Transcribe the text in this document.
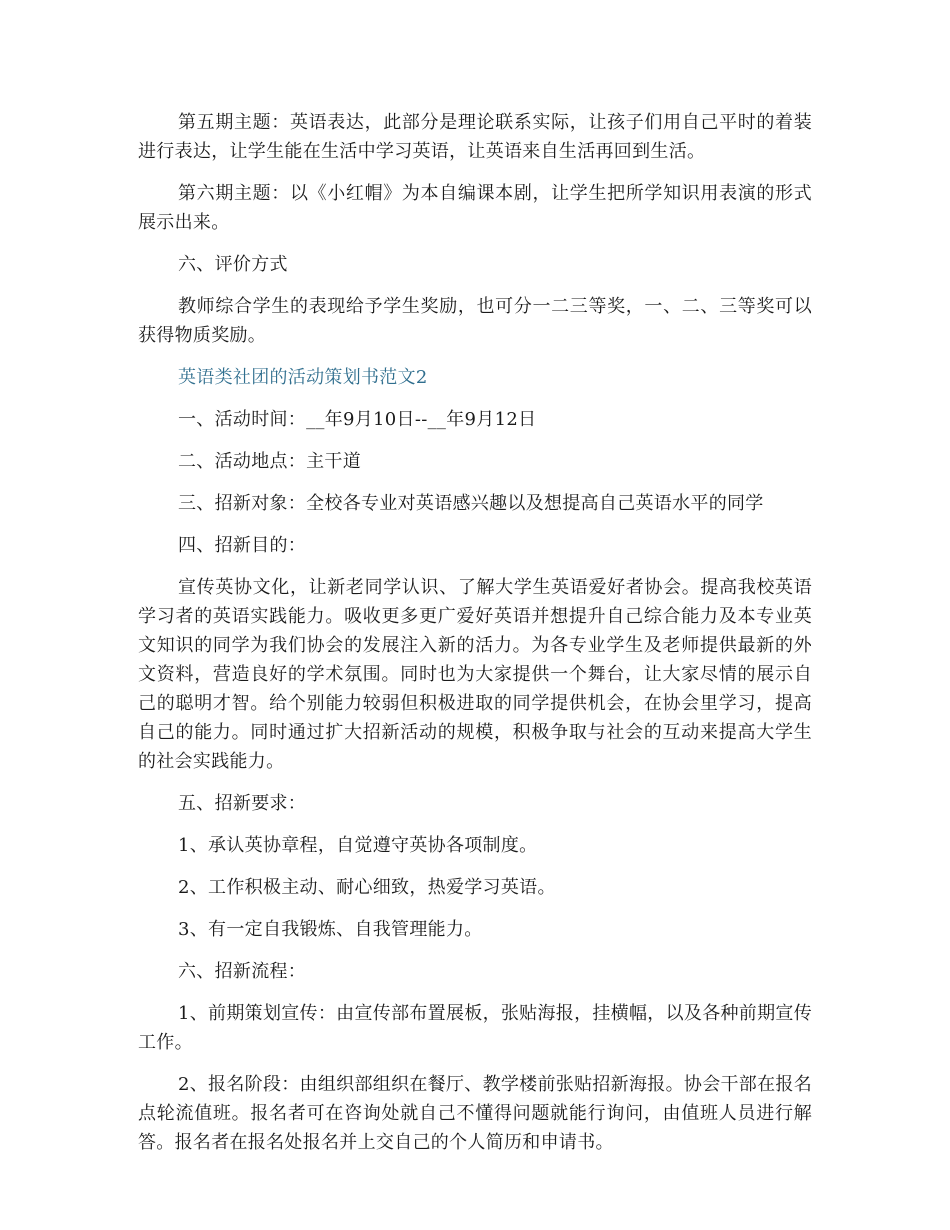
第五期主题：英语表达，此部分是理论联系实际，让孩子们用自己平时的着装进行表达，让学生能在生活中学习英语，让英语来自生活再回到生活。

第六期主题：以《小红帽》为本自编课本剧，让学生把所学知识用表演的形式展示出来。

六、评价方式

教师综合学生的表现给予学生奖励，也可分一二三等奖，一、二、三等奖可以获得物质奖励。

英语类社团的活动策划书范文2

一、活动时间：__年9月10日--__年9月12日

二、活动地点：主干道

三、招新对象：全校各专业对英语感兴趣以及想提高自己英语水平的同学

四、招新目的：

宣传英协文化，让新老同学认识、了解大学生英语爱好者协会。提高我校英语学习者的英语实践能力。吸收更多更广爱好英语并想提升自己综合能力及本专业英文知识的同学为我们协会的发展注入新的活力。为各专业学生及老师提供最新的外文资料，营造良好的学术氛围。同时也为大家提供一个舞台，让大家尽情的展示自己的聪明才智。给个别能力较弱但积极进取的同学提供机会，在协会里学习，提高自己的能力。同时通过扩大招新活动的规模，积极争取与社会的互动来提高大学生的社会实践能力。

五、招新要求：

1、承认英协章程，自觉遵守英协各项制度。

2、工作积极主动、耐心细致，热爱学习英语。

3、有一定自我锻炼、自我管理能力。

六、招新流程：

1、前期策划宣传：由宣传部布置展板，张贴海报，挂横幅，以及各种前期宣传工作。

2、报名阶段：由组织部组织在餐厅、教学楼前张贴招新海报。协会干部在报名点轮流值班。报名者可在咨询处就自己不懂得问题就能行询问，由值班人员进行解答。报名者在报名处报名并上交自己的个人简历和申请书。
